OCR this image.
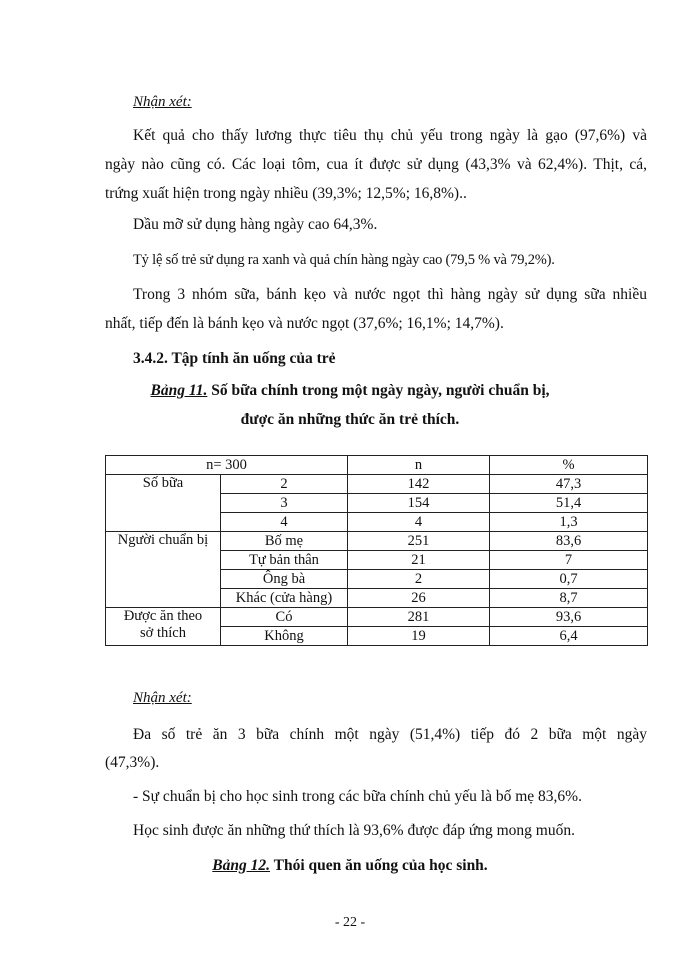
Nhận xét:
Kết quả cho thấy lương thực tiêu thụ chủ yếu trong ngày là gạo (97,6%) và
ngày nào cũng có. Các loại tôm, cua ít được sử dụng (43,3% và 62,4%). Thịt, cá,
trứng xuất hiện trong ngày nhiều (39,3%; 12,5%; 16,8%)..
Dầu mỡ sử dụng hàng ngày cao 64,3%.
Tỷ lệ số trẻ sử dụng ra xanh và quả chín hàng ngày cao (79,5 % và 79,2%).
Trong 3 nhóm sữa, bánh kẹo và nước ngọt thì hàng ngày sử dụng sữa nhiều
nhất, tiếp đến là bánh kẹo và nước ngọt (37,6%; 16,1%; 14,7%).
3.4.2. Tập tính ăn uống của trẻ
Bảng 11. Số bữa chính trong một ngày ngày, người chuẩn bị,
được ăn những thức ăn trẻ thích.
n= 300		n	%
Số bữa	2	142	47,3
	3	154	51,4
	4	4	1,3
Người chuẩn bị	Bố mẹ	251	83,6
	Tự bản thân	21	7
	Ông bà	2	0,7
	Khác (cửa hàng)	26	8,7
Được ăn theo
sở thích	Có	281	93,6
	Không	19	6,4
Nhận xét:
Đa số trẻ ăn 3 bữa chính một ngày (51,4%) tiếp đó 2 bữa một ngày
(47,3%).
- Sự chuẩn bị cho học sinh trong các bữa chính chủ yếu là bố mẹ 83,6%.
Học sinh được ăn những thứ thích là 93,6% được đáp ứng mong muốn.
Bảng 12. Thói quen ăn uống của học sinh.
- 22 -
